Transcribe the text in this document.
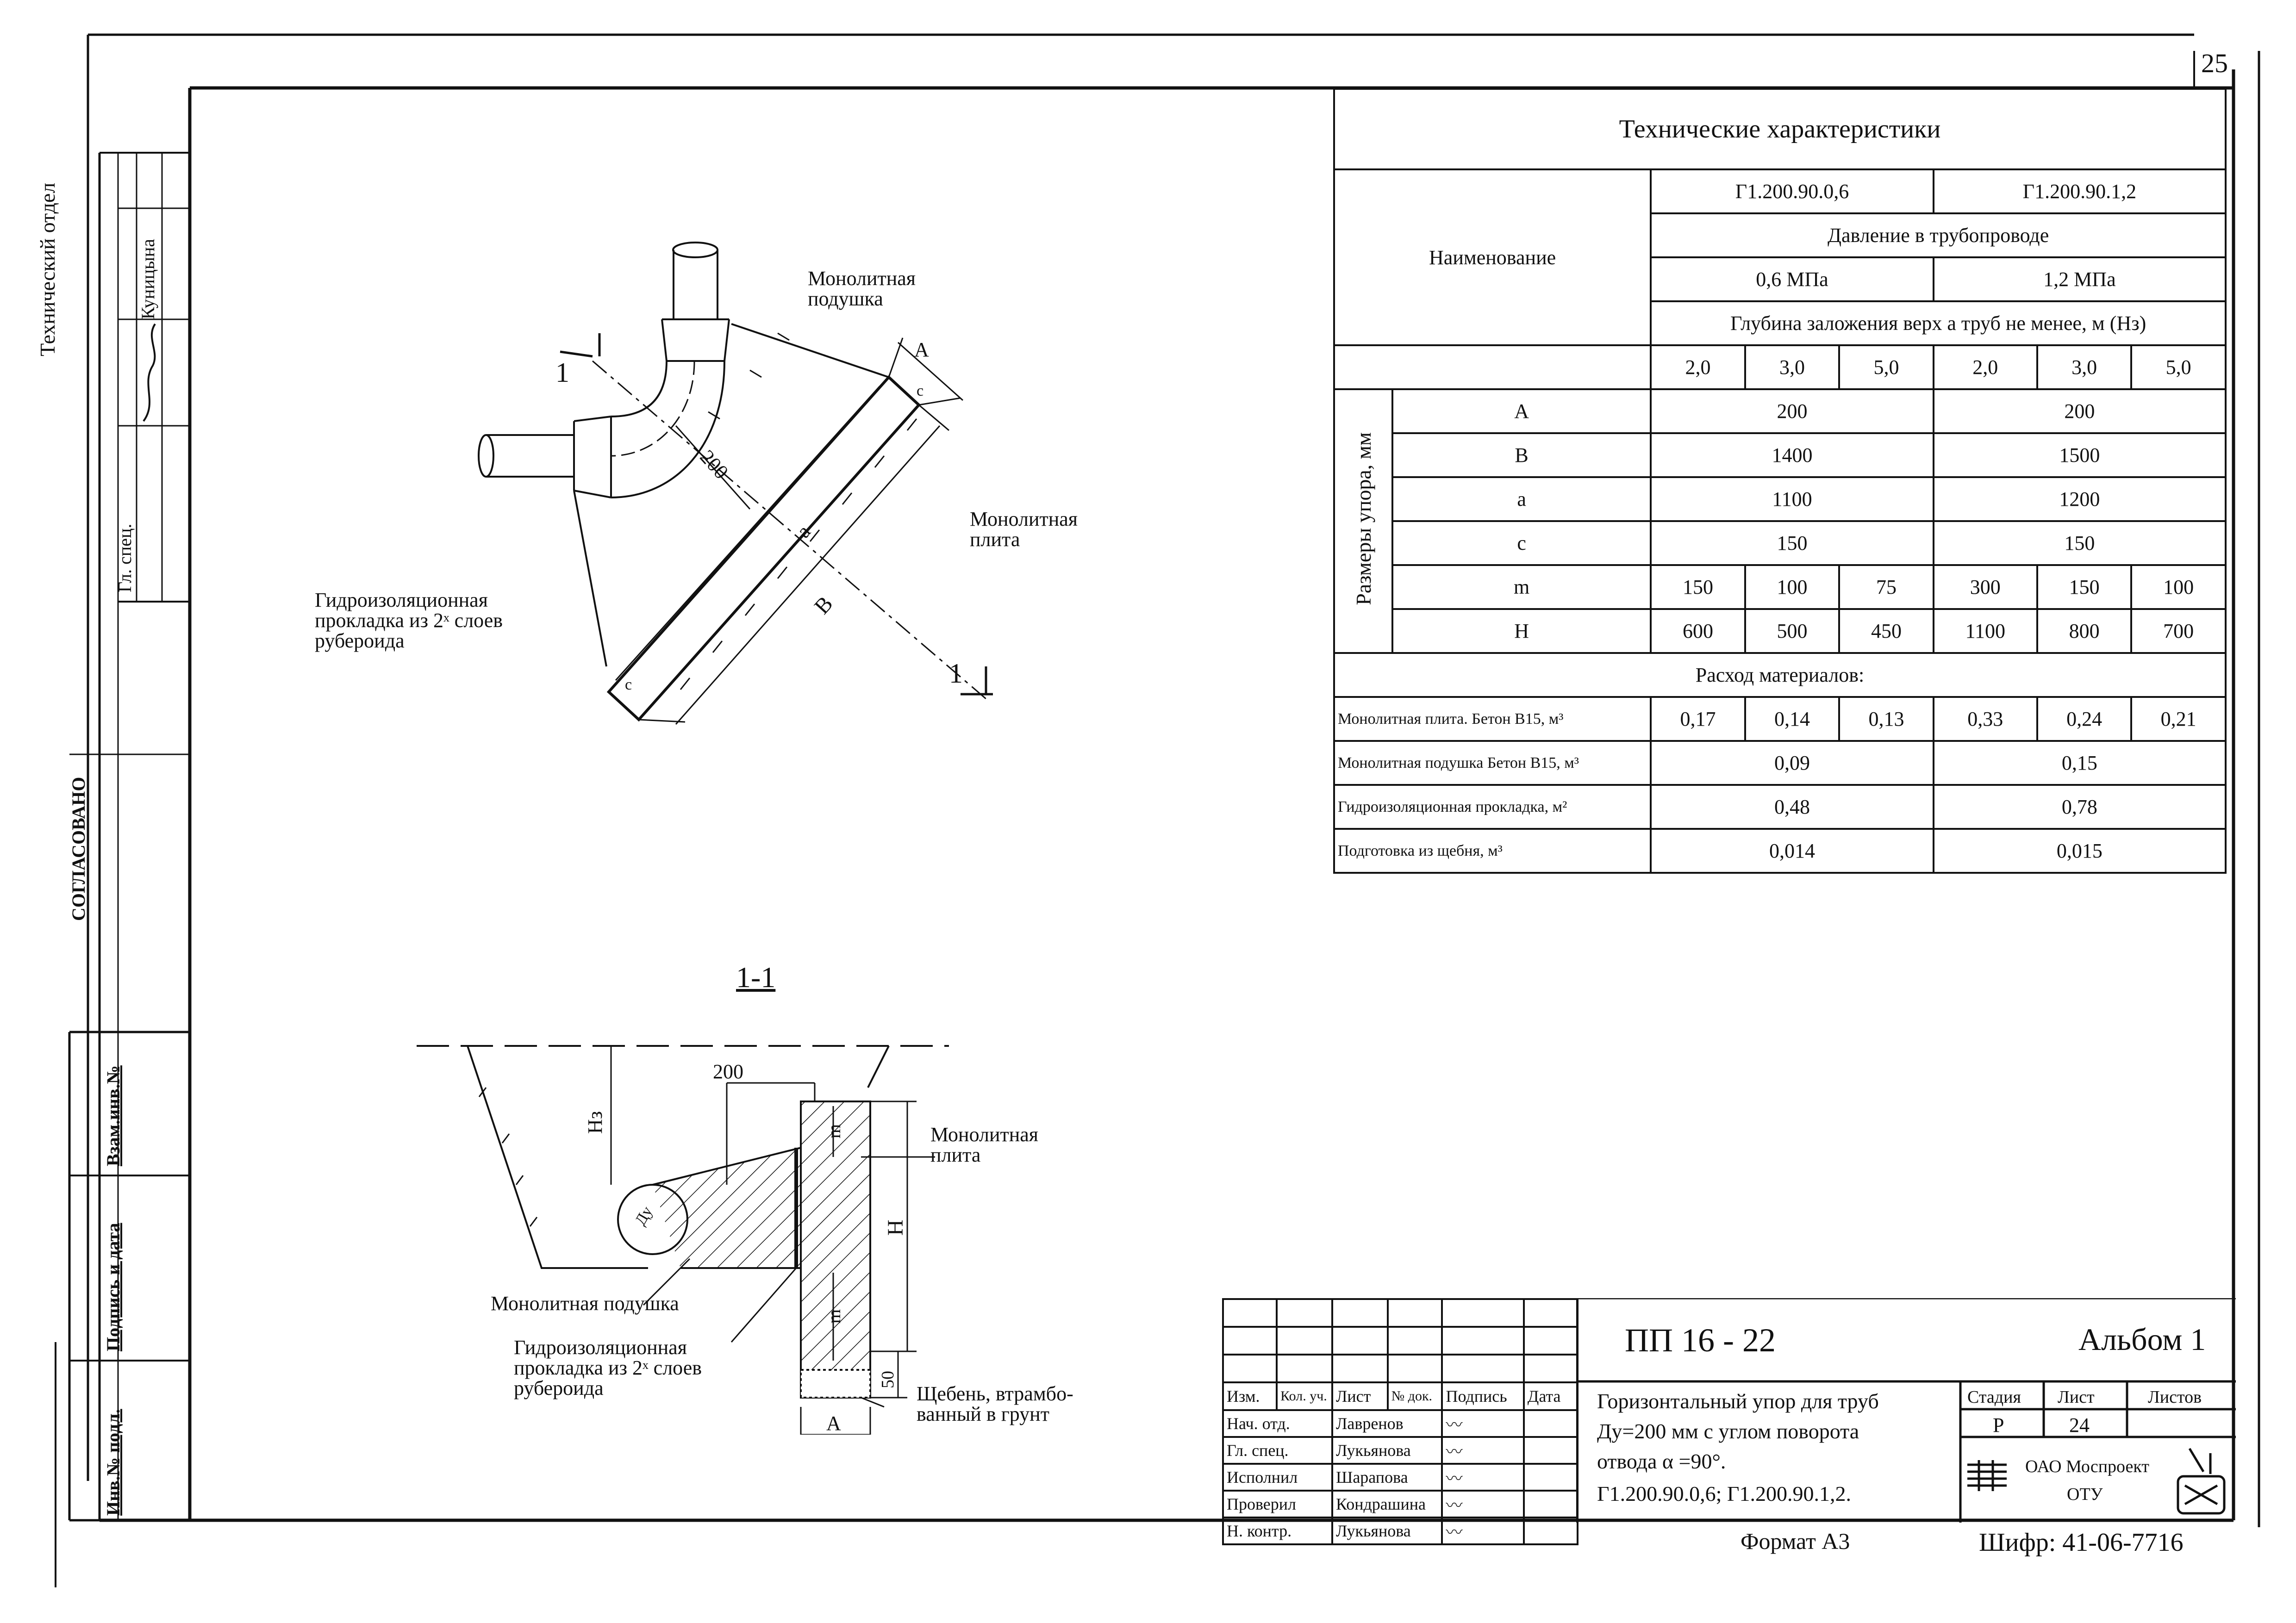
25
Технический отдел
Гл. спец.
Куницына
СОГЛАСОВАНО
Взам.инв.№
Подпись и дата
Инв.№ подл.
1
1
200
А
a
В
c
c
Монолитная подушка
Монолитная плита
Гидроизоляционная прокладка из 2ˣ слоев рубероида
1-1
200
Нз
Ду
m
m
Н
А
50
Монолитная плита
Монолитная подушка
Гидроизоляционная прокладка из 2ˣ слоев рубероида	Щебень, втрамбо- ванный в грунт
Технические характеристики							
Наименование		Г1.200.90.0,6			Г1.200.90.1,2		
		Давление в трубопроводе					
		0,6 МПа			1,2 МПа		
		Глубина заложения верх а труб не менее, м (Нз)					
		2,0	3,0	5,0	2,0	3,0	5,0
Размеры упора, мм	А	200			200		
	В	1400			1500		
	а	1100			1200		
	с	150			150		
	m	150	100	75	300	150	100
	Н	600	500	450	1100	800	700
Расход материалов:							
Монолитная плита. Бетон В15, м³		0,17	0,14	0,13	0,33	0,24	0,21
Монолитная подушка Бетон В15, м³		0,09			0,15		
Гидроизоляционная прокладка, м²		0,48			0,78		
Подготовка из щебня, м³		0,014			0,015		

Изм.	Кол. уч.	Лист	№ док.	Подпись	Дата
Нач. отд.		Лавренов		〰	
Гл. спец.		Лукьянова		〰	
Исполнил		Шарапова		〰	
Проверил		Кондрашина		〰	
Н. контр.		Лукьянова		〰	
ПП 16 - 22	Альбом 1
Горизонтальный упор для труб
Ду=200 мм с углом поворота
отвода α =90°.
Г1.200.90.0,6; Г1.200.90.1,2.
Стадия Лист	Листов
Р	24
ОАО Моспроект
ОТУ
Формат А3	Шифр: 41-06-7716
